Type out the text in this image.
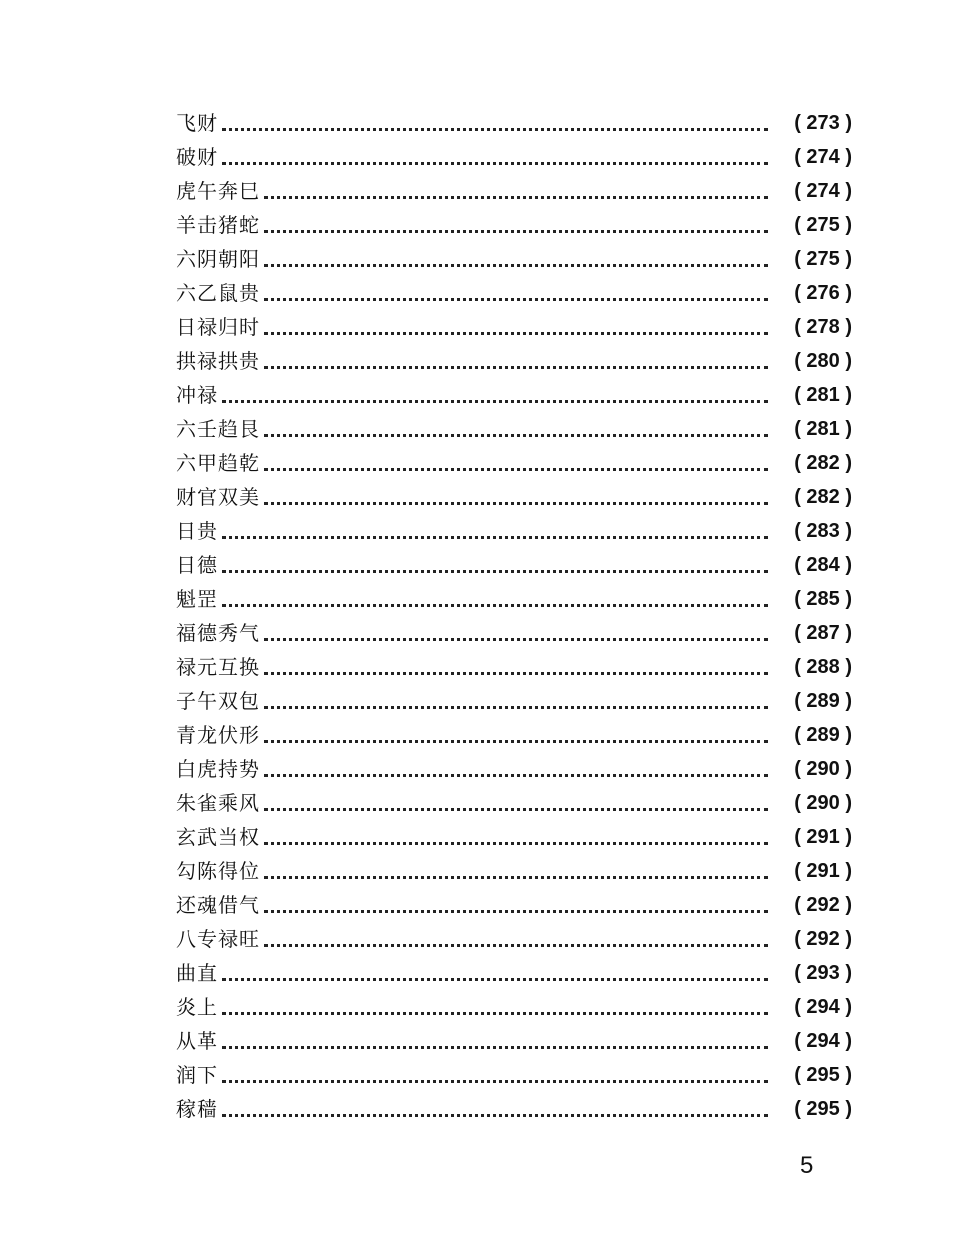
飞财	( 273 )
破财	( 274 )
虎午奔巳	( 274 )
羊击猪蛇	( 275 )
六阴朝阳	( 275 )
六乙鼠贵	( 276 )
日禄归时	( 278 )
拱禄拱贵	( 280 )
冲禄	( 281 )
六壬趋艮	( 281 )
六甲趋乾	( 282 )
财官双美	( 282 )
日贵	( 283 )
日德	( 284 )
魁罡	( 285 )
福德秀气	( 287 )
禄元互换	( 288 )
子午双包	( 289 )
青龙伏形	( 289 )
白虎持势	( 290 )
朱雀乘风	( 290 )
玄武当权	( 291 )
勾陈得位	( 291 )
还魂借气	( 292 )
八专禄旺	( 292 )
曲直	( 293 )
炎上	( 294 )
从革	( 294 )
润下	( 295 )
稼穑	( 295 )
5
